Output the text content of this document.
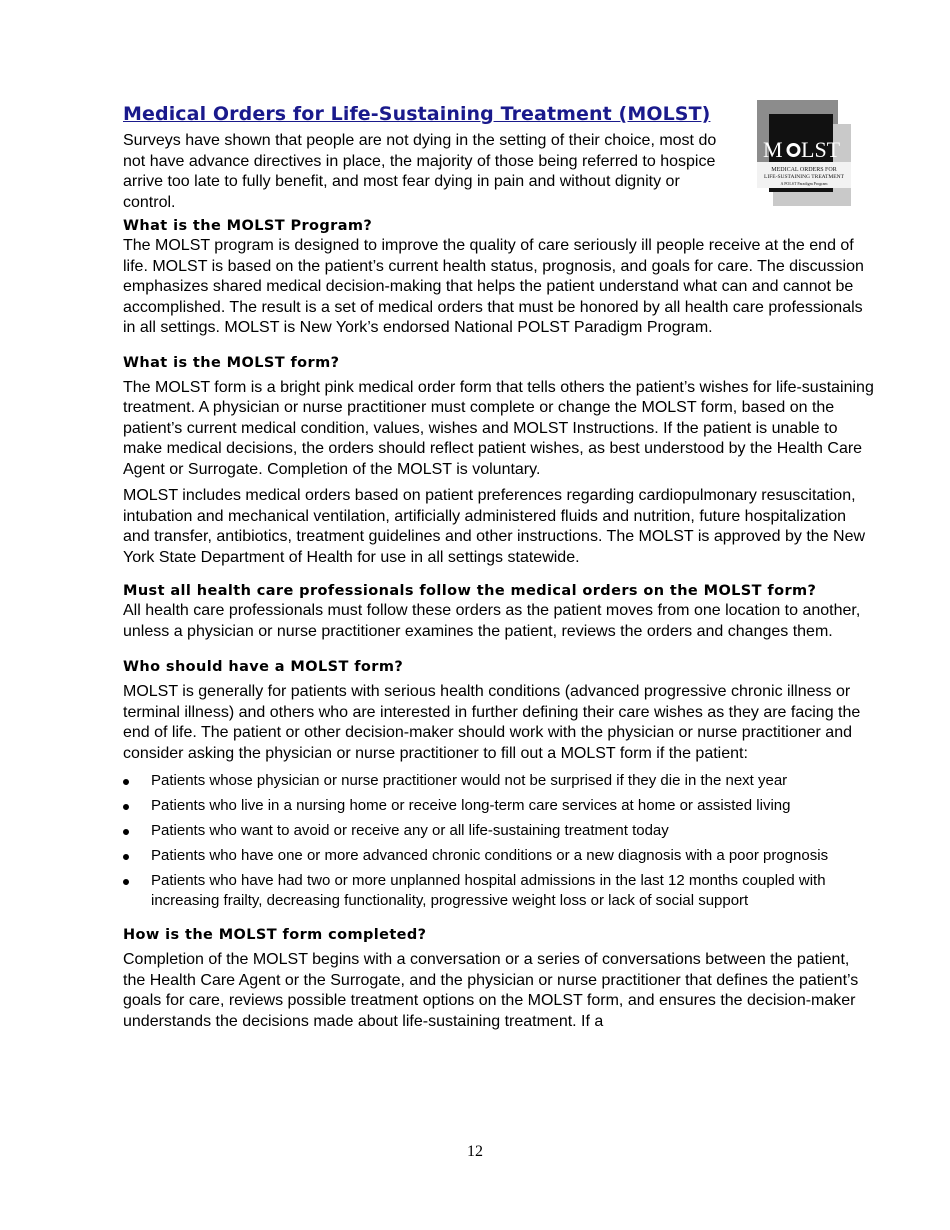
Medical Orders for Life-Sustaining Treatment (MOLST)

Surveys have shown that people are not dying in the setting of their choice, most do not have advance directives in place, the majority of those being referred to hospice arrive too late to fully benefit, and most fear dying in pain and without dignity or control.

M LST
MEDICAL ORDERS FOR
LIFE-SUSTAINING TREATMENT
A POLST Paradigm Program
What is the MOLST Program?

The MOLST program is designed to improve the quality of care seriously ill people receive at the end of life. MOLST is based on the patient’s current health status, prognosis, and goals for care. The discussion emphasizes shared medical decision-making that helps the patient understand what can and cannot be accomplished. The result is a set of medical orders that must be honored by all health care professionals in all settings. MOLST is New York’s endorsed National POLST Paradigm Program.

What is the MOLST form?

The MOLST form is a bright pink medical order form that tells others the patient’s wishes for life-sustaining treatment. A physician or nurse practitioner must complete or change the MOLST form, based on the patient’s current medical condition, values, wishes and MOLST Instructions. If the patient is unable to make medical decisions, the orders should reflect patient wishes, as best understood by the Health Care Agent or Surrogate. Completion of the MOLST is voluntary.

MOLST includes medical orders based on patient preferences regarding cardiopulmonary resuscitation, intubation and mechanical ventilation, artificially administered fluids and nutrition, future hospitalization and transfer, antibiotics, treatment guidelines and other instructions. The MOLST is approved by the New York State Department of Health for use in all settings statewide.

Must all health care professionals follow the medical orders on the MOLST form?

All health care professionals must follow these orders as the patient moves from one location to another, unless a physician or nurse practitioner examines the patient, reviews the orders and changes them.

Who should have a MOLST form?

MOLST is generally for patients with serious health conditions (advanced progressive chronic illness or terminal illness) and others who are interested in further defining their care wishes as they are facing the end of life. The patient or other decision-maker should work with the physician or nurse practitioner and consider asking the physician or nurse practitioner to fill out a MOLST form if the patient:

Patients whose physician or nurse practitioner would not be surprised if they die in the next year
Patients who live in a nursing home or receive long-term care services at home or assisted living
Patients who want to avoid or receive any or all life-sustaining treatment today
Patients who have one or more advanced chronic conditions or a new diagnosis with a poor prognosis
Patients who have had two or more unplanned hospital admissions in the last 12 months coupled with increasing frailty, decreasing functionality, progressive weight loss or lack of social support
How is the MOLST form completed?

Completion of the MOLST begins with a conversation or a series of conversations between the patient, the Health Care Agent or the Surrogate, and the physician or nurse practitioner that defines the patient’s goals for care, reviews possible treatment options on the MOLST form, and ensures the decision-maker understands the decisions made about life-sustaining treatment. If a

12
